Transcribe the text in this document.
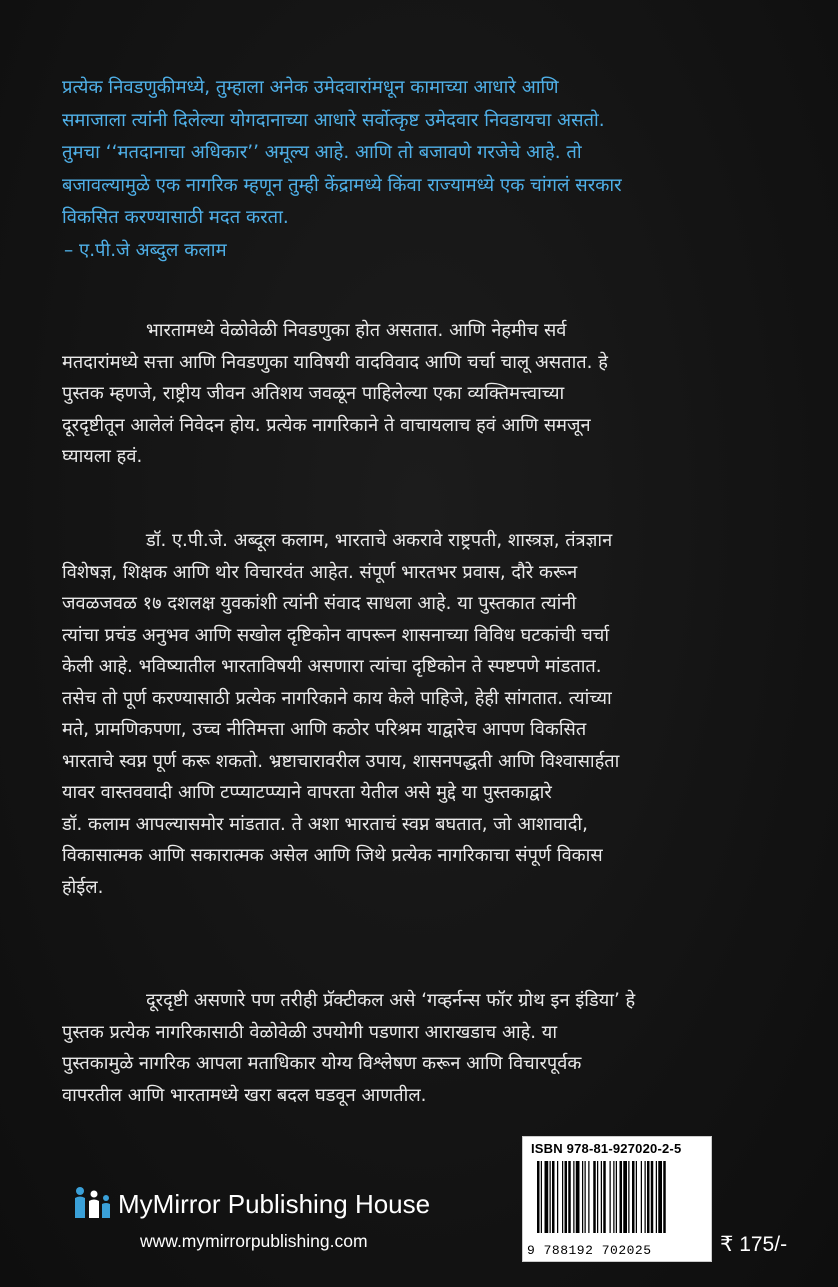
प्रत्येक निवडणुकीमध्ये, तुम्हाला अनेक उमेदवारांमधून कामाच्या आधारे आणि
समाजाला त्यांनी दिलेल्या योगदानाच्या आधारे सर्वोत्कृष्ट उमेदवार निवडायचा असतो.
तुमचा ‘‘मतदानाचा अधिकार’’ अमूल्य आहे. आणि तो बजावणे गरजेचे आहे. तो
बजावल्यामुळे एक नागरिक म्हणून तुम्ही केंद्रामध्ये किंवा राज्यामध्ये एक चांगलं सरकार
विकसित करण्यासाठी मदत करता.
– ए.पी.जे अब्दुल कलाम
भारतामध्ये वेळोवेळी निवडणुका होत असतात. आणि नेहमीच सर्व
मतदारांमध्ये सत्ता आणि निवडणुका याविषयी वादविवाद आणि चर्चा चालू असतात. हे
पुस्तक म्हणजे, राष्ट्रीय जीवन अतिशय जवळून पाहिलेल्या एका व्यक्तिमत्त्वाच्या
दूरदृष्टीतून आलेलं निवेदन होय. प्रत्येक नागरिकाने ते वाचायलाच हवं आणि समजून
घ्यायला हवं.
डॉ. ए.पी.जे. अब्दूल कलाम, भारताचे अकरावे राष्ट्रपती, शास्त्रज्ञ, तंत्रज्ञान
विशेषज्ञ, शिक्षक आणि थोर विचारवंत आहेत. संपूर्ण भारतभर प्रवास, दौरे करून
जवळजवळ १७ दशलक्ष युवकांशी त्यांनी संवाद साधला आहे. या पुस्तकात त्यांनी
त्यांचा प्रचंड अनुभव आणि सखोल दृष्टिकोन वापरून शासनाच्या विविध घटकांची चर्चा
केली आहे. भविष्यातील भारताविषयी असणारा त्यांचा दृष्टिकोन ते स्पष्टपणे मांडतात.
तसेच तो पूर्ण करण्यासाठी प्रत्येक नागरिकाने काय केले पाहिजे, हेही सांगतात. त्यांच्या
मते, प्रामणिकपणा, उच्च नीतिमत्ता आणि कठोर परिश्रम याद्वारेच आपण विकसित
भारताचे स्वप्न पूर्ण करू शकतो. भ्रष्टाचारावरील उपाय, शासनपद्धती आणि विश्वासार्हता
यावर वास्तववादी आणि टप्प्याटप्प्याने वापरता येतील असे मुद्दे या पुस्तकाद्वारे
डॉ. कलाम आपल्यासमोर मांडतात. ते अशा भारताचं स्वप्न बघतात, जो आशावादी,
विकासात्मक आणि सकारात्मक असेल आणि जिथे प्रत्येक नागरिकाचा संपूर्ण विकास
होईल.
दूरदृष्टी असणारे पण तरीही प्रॅक्टीकल असे ‘गव्हर्नन्स फॉर ग्रोथ इन इंडिया’ हे
पुस्तक प्रत्येक नागरिकासाठी वेळोवेळी उपयोगी पडणारा आराखडाच आहे. या
पुस्तकामुळे नागरिक आपला मताधिकार योग्य विश्लेषण करून आणि विचारपूर्वक
वापरतील आणि भारतामध्ये खरा बदल घडवून आणतील.
MyMirror Publishing House
www.mymirrorpublishing.com
ISBN 978-81-927020-2-5
9 788192 702025	₹ 175/-
